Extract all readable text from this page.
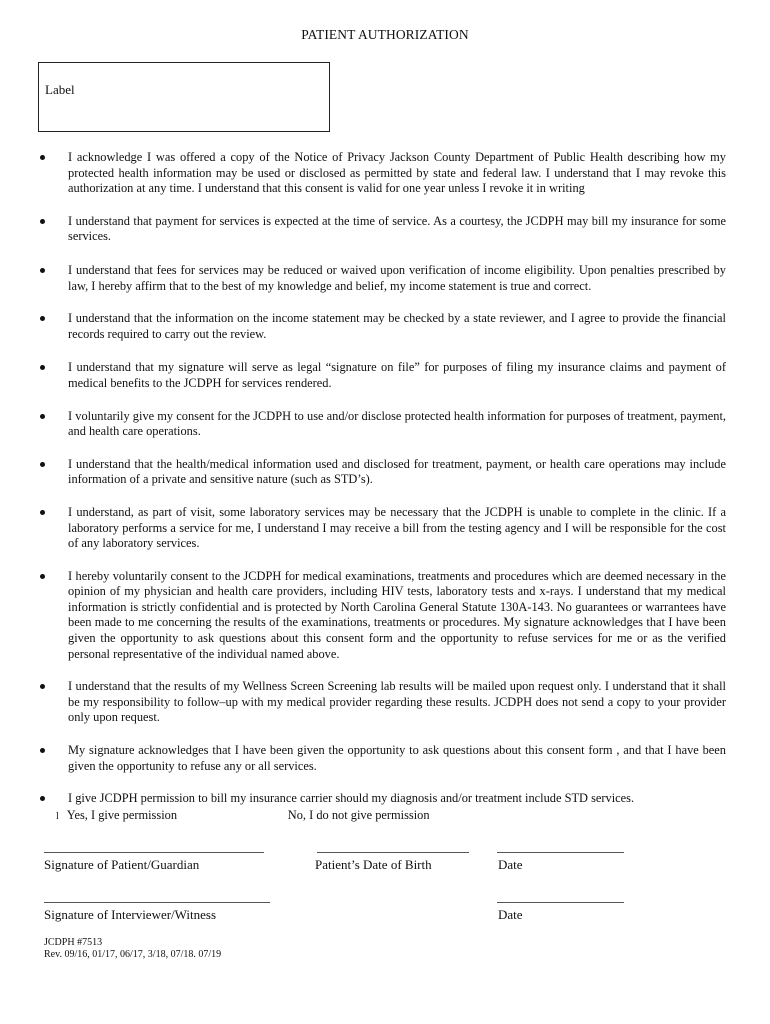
PATIENT AUTHORIZATION
Label
I acknowledge I was offered a copy of the Notice of Privacy Jackson County Department of Public Health describing how my protected health information may be used or disclosed as permitted by state and federal law. I understand that I may revoke this authorization at any time. I understand that this consent is valid for one year unless I revoke it in writing
I understand that payment for services is expected at the time of service. As a courtesy, the JCDPH may bill my insurance for some services.
I understand that fees for services may be reduced or waived upon verification of income eligibility. Upon penalties prescribed by law, I hereby affirm that to the best of my knowledge and belief, my income statement is true and correct.
I understand that the information on the income statement may be checked by a state reviewer, and I agree to provide the financial records required to carry out the review.
I understand that my signature will serve as legal “signature on file” for purposes of filing my insurance claims and payment of medical benefits to the JCDPH for services rendered.
I voluntarily give my consent for the JCDPH to use and/or disclose protected health information for purposes of treatment, payment, and health care operations.
I understand that the health/medical information used and disclosed for treatment, payment, or health care operations may include information of a private and sensitive nature (such as STD’s).
I understand, as part of visit, some laboratory services may be necessary that the JCDPH is unable to complete in the clinic. If a laboratory performs a service for me, I understand I may receive a bill from the testing agency and I will be responsible for the cost of any laboratory services.
I hereby voluntarily consent to the JCDPH for medical examinations, treatments and procedures which are deemed necessary in the opinion of my physician and health care providers, including HIV tests, laboratory tests and x-rays. I understand that my medical information is strictly confidential and is protected by North Carolina General Statute 130A-143. No guarantees or warrantees have been made to me concerning the results of the examinations, treatments or procedures. My signature acknowledges that I have been given the opportunity to ask questions about this consent form and the opportunity to refuse services for me or as the verified personal representative of the individual named above.
I understand that the results of my Wellness Screen Screening lab results will be mailed upon request only. I understand that it shall be my responsibility to follow–up with my medical provider regarding these results. JCDPH does not send a copy to your provider only upon request.
My signature acknowledges that I have been given the opportunity to ask questions about this consent form , and that I have been given the opportunity to refuse any or all services.
I give JCDPH permission to bill my insurance carrier should my diagnosis and/or treatment include STD services.
l Yes, I give permission	No, I do not give permission
Signature of Patient/Guardian	Patient’s Date of Birth	Date
Signature of Interviewer/Witness	Date
JCDPH #7513
Rev. 09/16, 01/17, 06/17, 3/18, 07/18. 07/19
